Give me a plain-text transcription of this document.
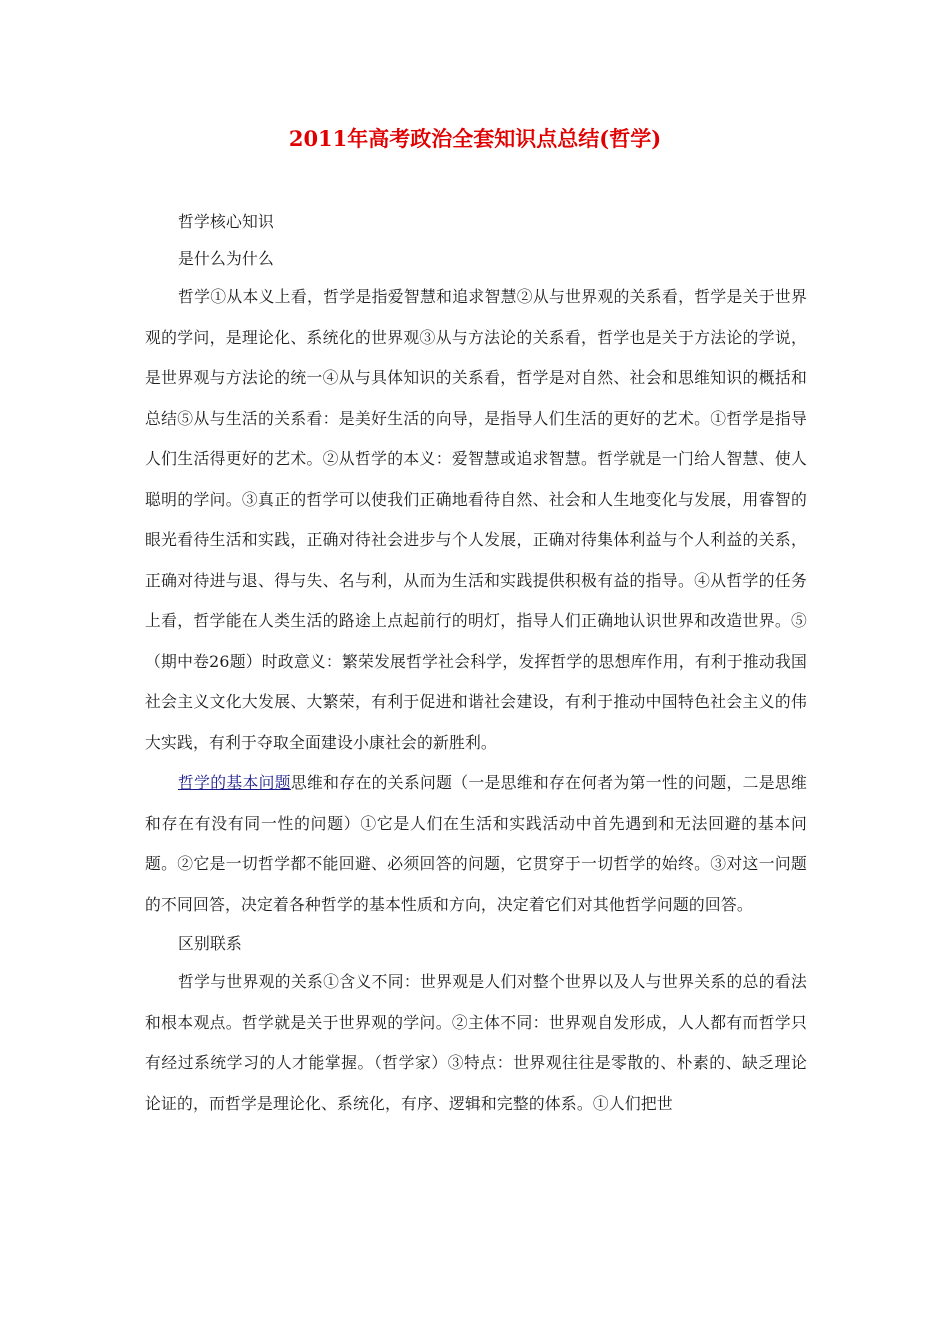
2011年高考政治全套知识点总结(哲学)

哲学核心知识

是什么为什么

哲学①从本义上看，哲学是指爱智慧和追求智慧②从与世界观的关系看，哲学是关于世界观的学问，是理论化、系统化的世界观③从与方法论的关系看，哲学也是关于方法论的学说，是世界观与方法论的统一④从与具体知识的关系看，哲学是对自然、社会和思维知识的概括和总结⑤从与生活的关系看：是美好生活的向导，是指导人们生活的更好的艺术。①哲学是指导人们生活得更好的艺术。②从哲学的本义：爱智慧或追求智慧。哲学就是一门给人智慧、使人聪明的学问。③真正的哲学可以使我们正确地看待自然、社会和人生地变化与发展，用睿智的眼光看待生活和实践，正确对待社会进步与个人发展，正确对待集体利益与个人利益的关系，正确对待进与退、得与失、名与利，从而为生活和实践提供积极有益的指导。④从哲学的任务上看，哲学能在人类生活的路途上点起前行的明灯，指导人们正确地认识世界和改造世界。⑤（期中卷26题）时政意义：繁荣发展哲学社会科学，发挥哲学的思想库作用，有利于推动我国社会主义文化大发展、大繁荣，有利于促进和谐社会建设，有利于推动中国特色社会主义的伟大实践，有利于夺取全面建设小康社会的新胜利。

哲学的基本问题思维和存在的关系问题（一是思维和存在何者为第一性的问题，二是思维和存在有没有同一性的问题）①它是人们在生活和实践活动中首先遇到和无法回避的基本问题。②它是一切哲学都不能回避、必须回答的问题，它贯穿于一切哲学的始终。③对这一问题的不同回答，决定着各种哲学的基本性质和方向，决定着它们对其他哲学问题的回答。

区别联系

哲学与世界观的关系①含义不同：世界观是人们对整个世界以及人与世界关系的总的看法和根本观点。哲学就是关于世界观的学问。②主体不同：世界观自发形成，人人都有而哲学只有经过系统学习的人才能掌握。（哲学家）③特点：世界观往往是零散的、朴素的、缺乏理论论证的，而哲学是理论化、系统化，有序、逻辑和完整的体系。①人们把世
